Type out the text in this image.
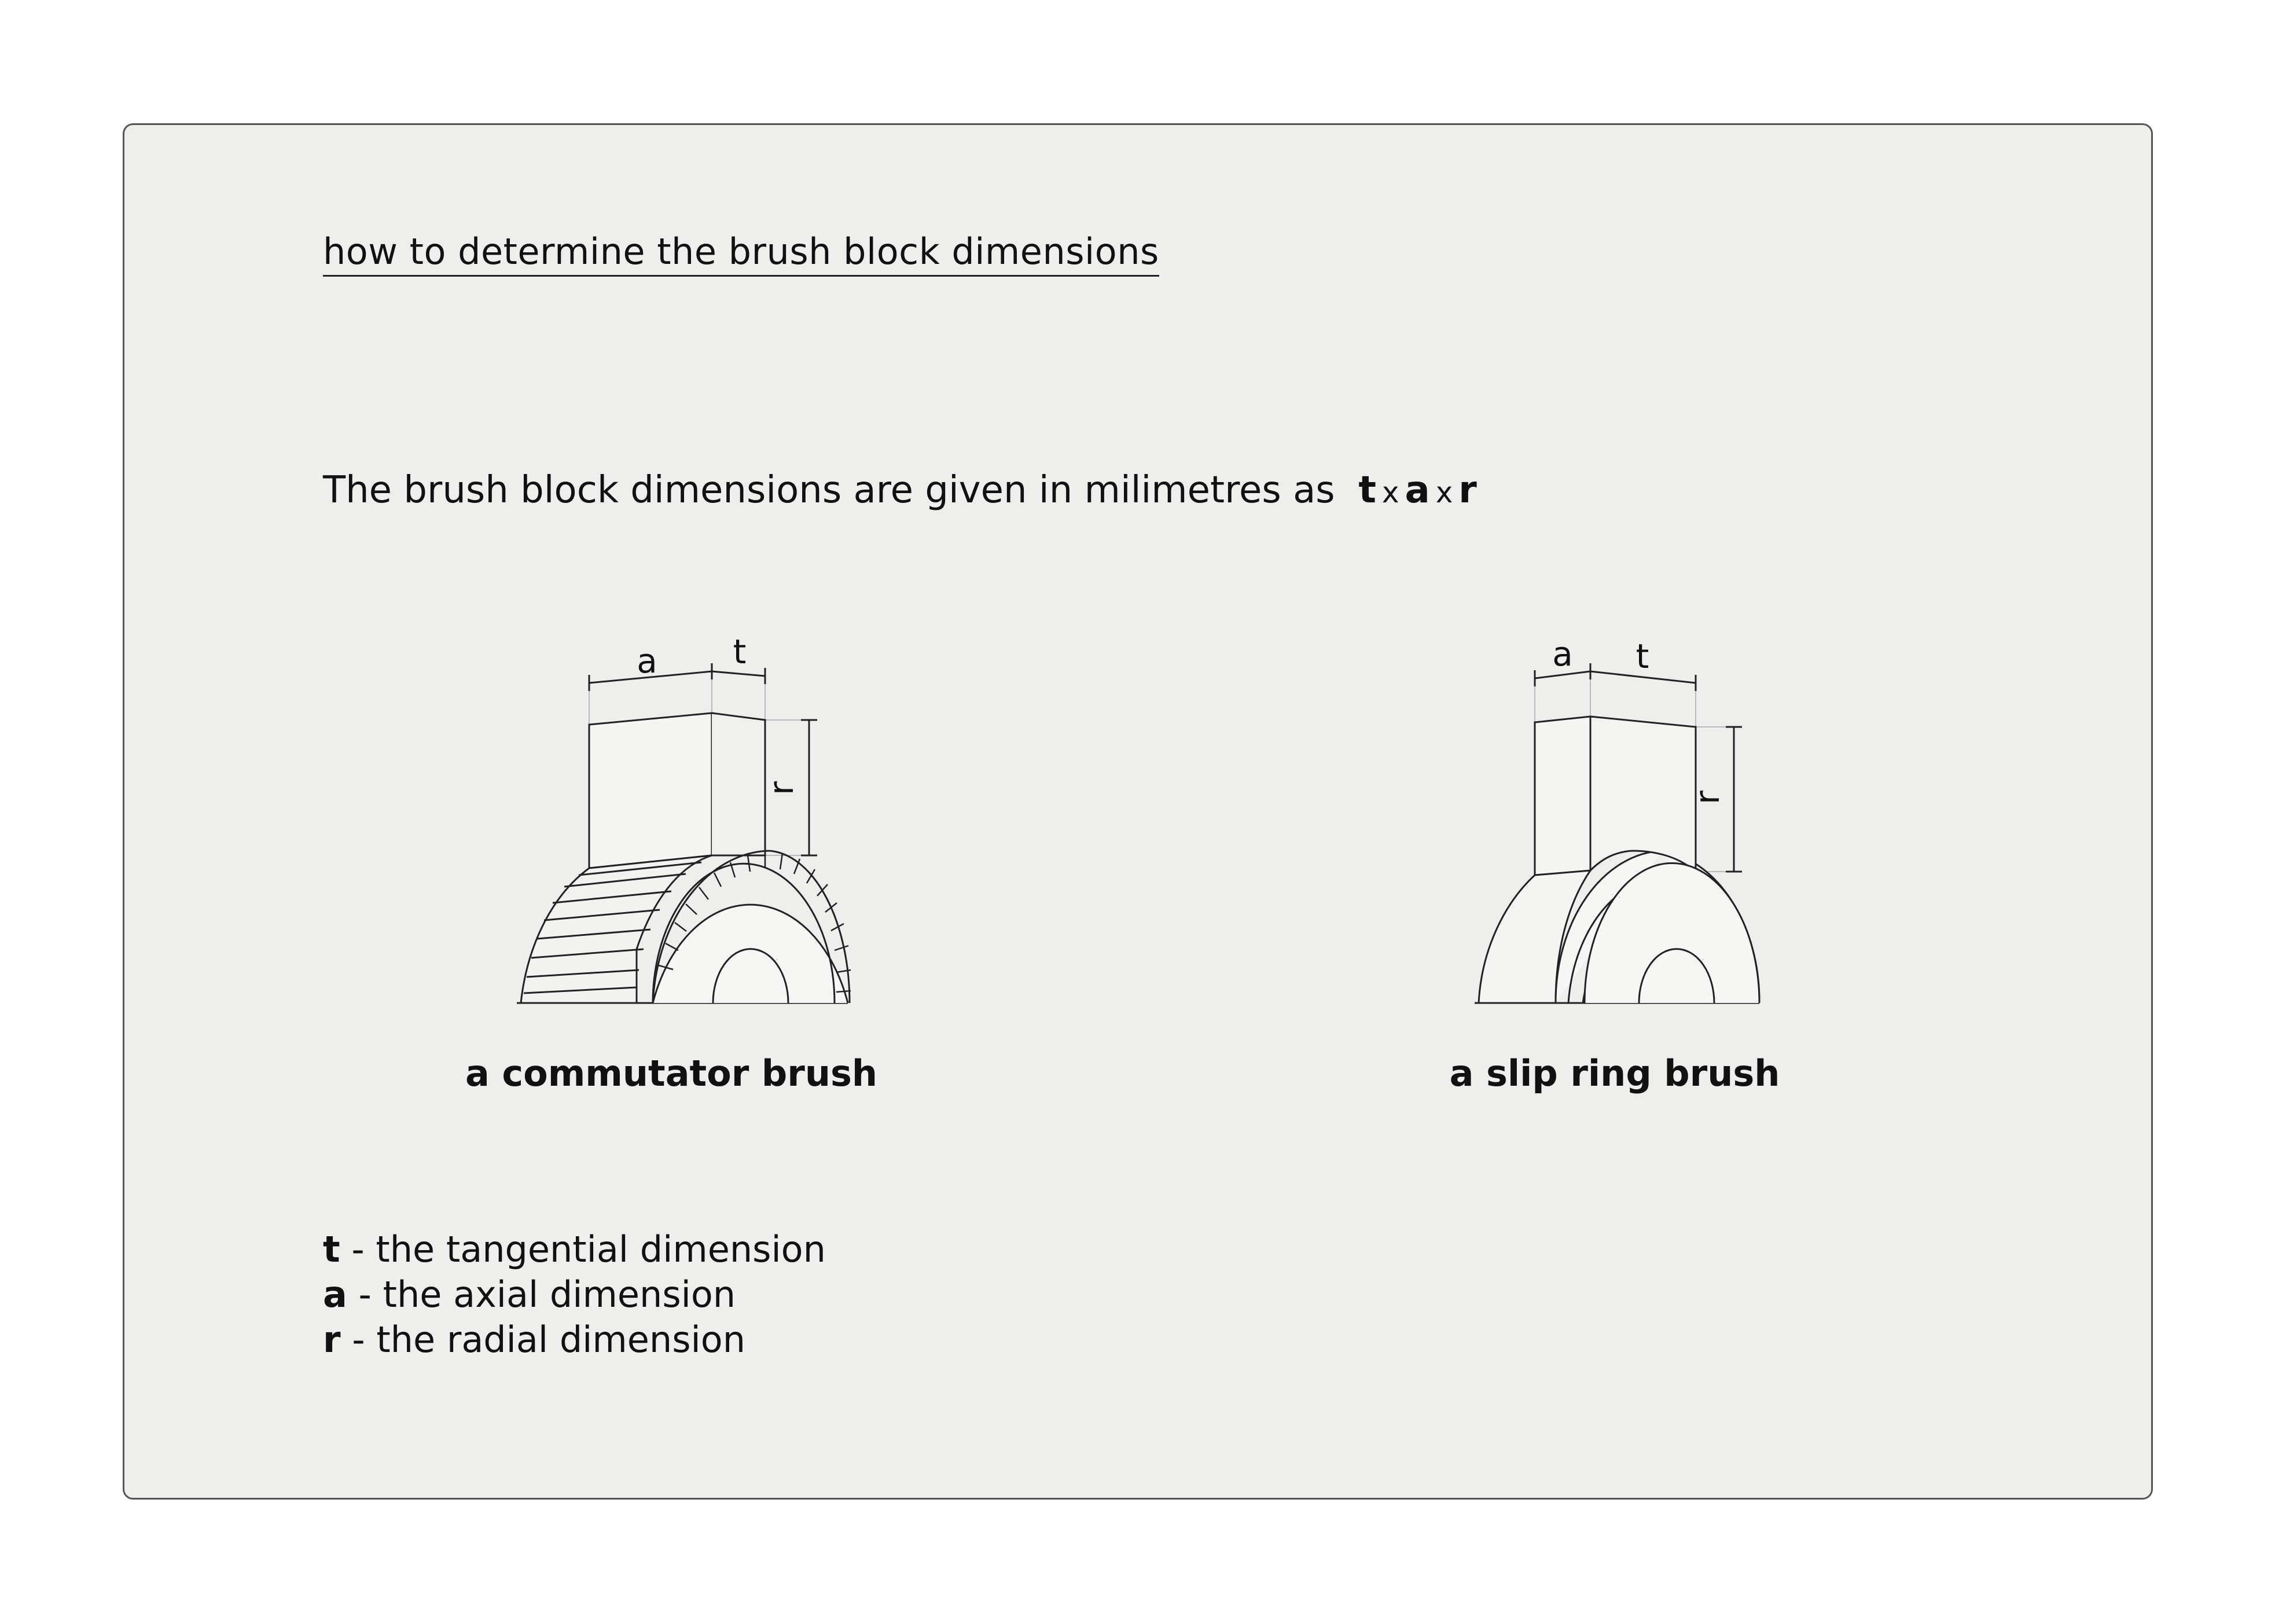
how to determine the brush block dimensions
The brush block dimensions are given in milimetres as t x a x r
a t
r
a t
r
a commutator brush	a slip ring brush
t - the tangential dimension
a - the axial dimension
r - the radial dimension
